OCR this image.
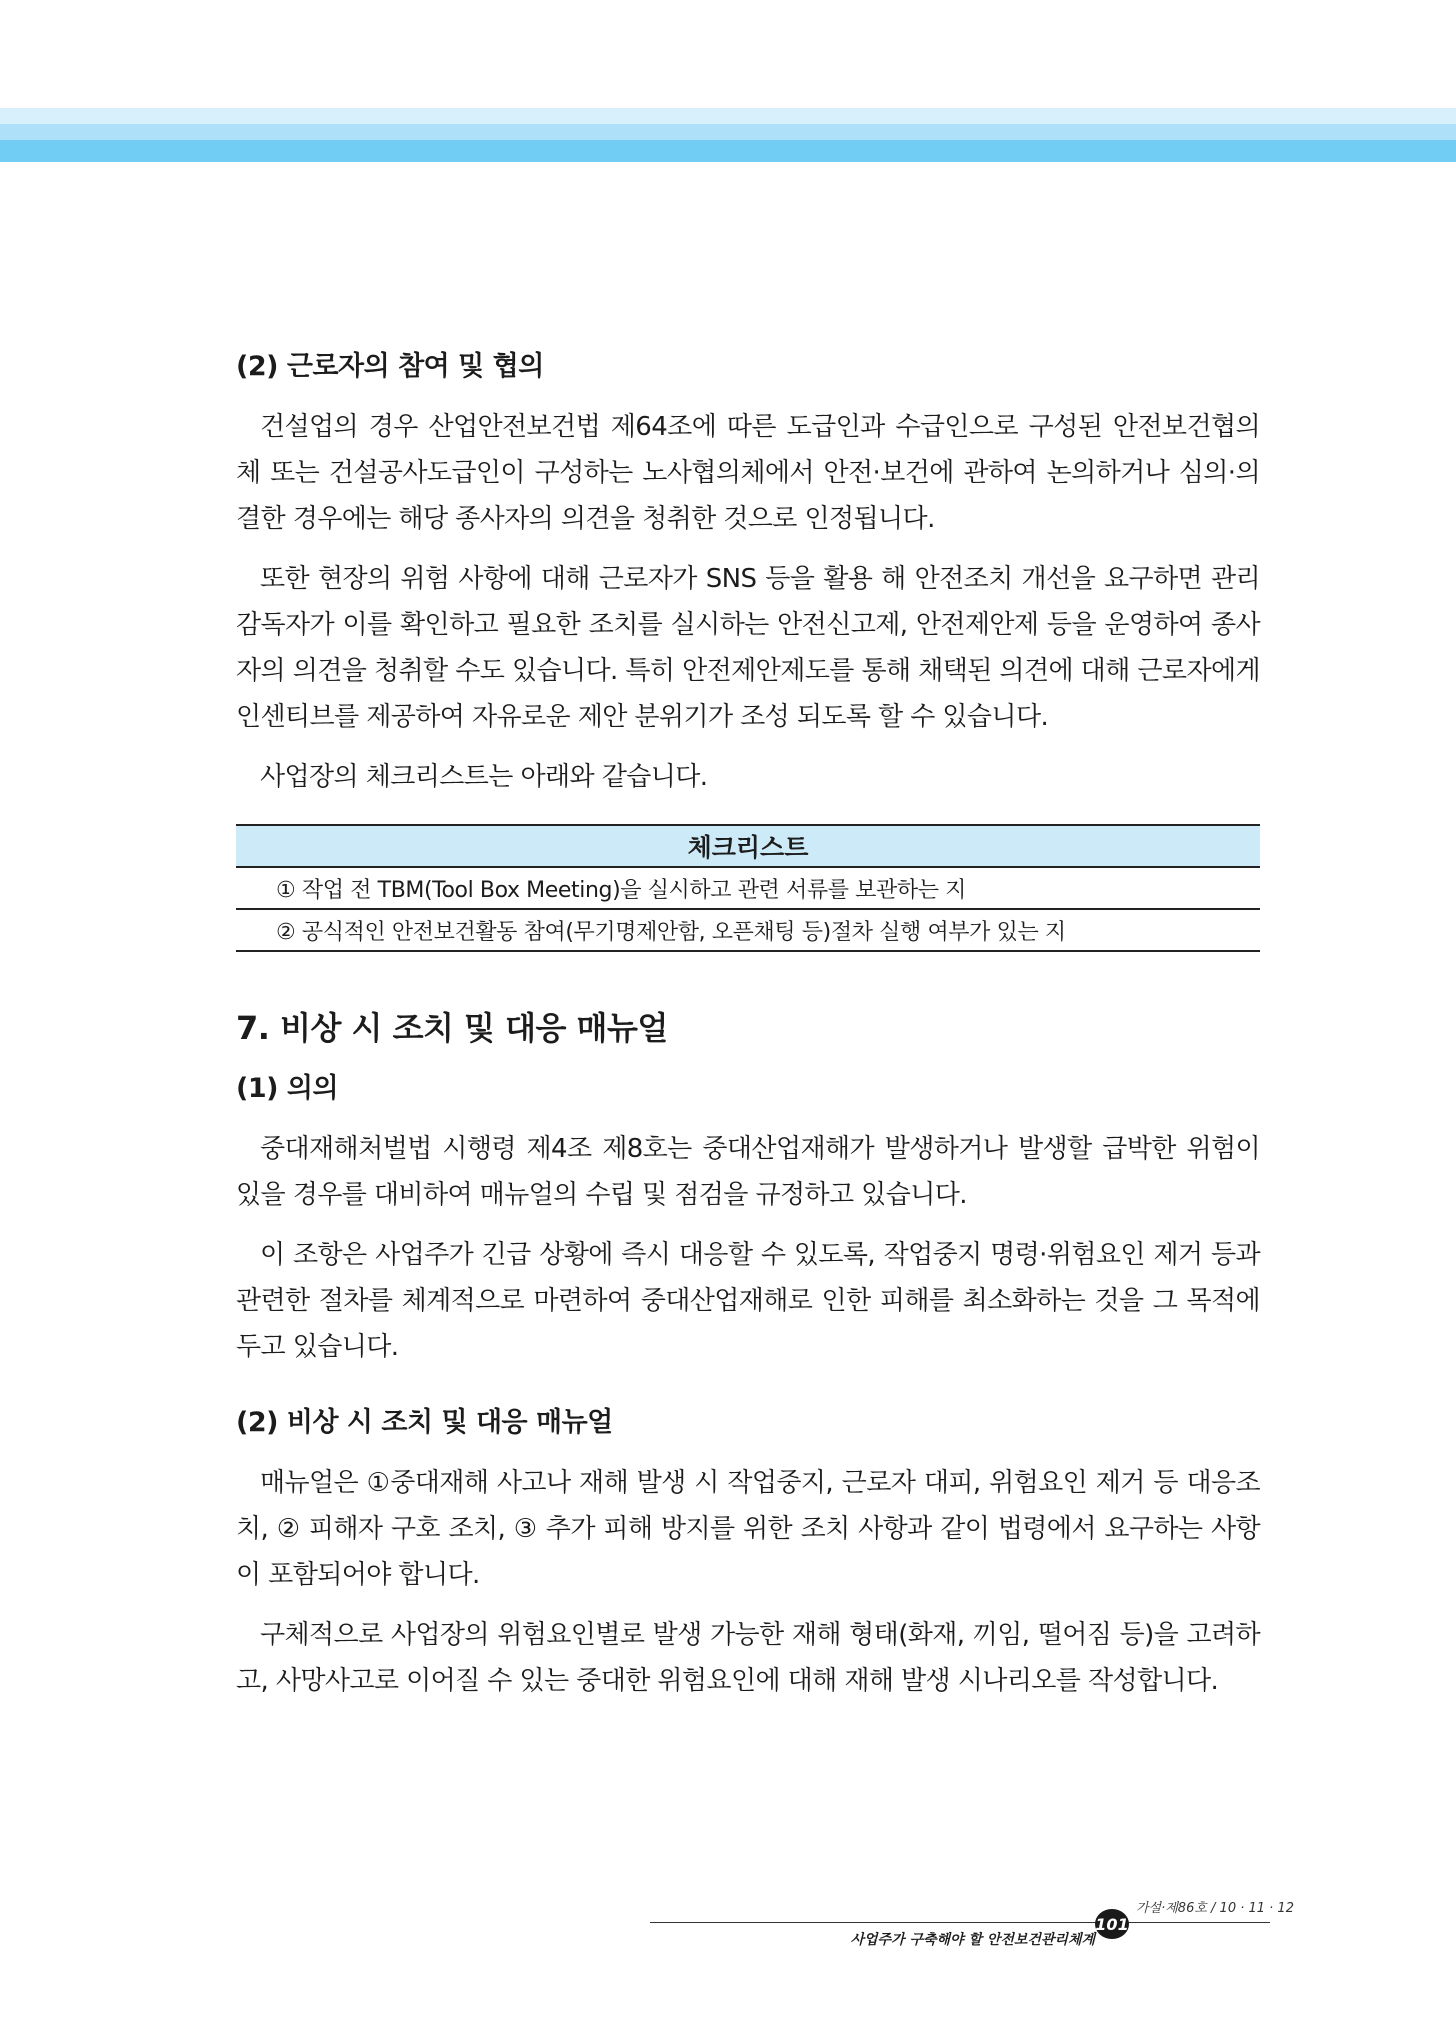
(2) 근로자의 참여 및 협의

건설업의 경우 산업안전보건법 제64조에 따른 도급인과 수급인으로 구성된 안전보건협의체 또는 건설공사도급인이 구성하는 노사협의체에서 안전·보건에 관하여 논의하거나 심의·의결한 경우에는 해당 종사자의 의견을 청취한 것으로 인정됩니다.

또한 현장의 위험 사항에 대해 근로자가 SNS 등을 활용 해 안전조치 개선을 요구하면 관리감독자가 이를 확인하고 필요한 조치를 실시하는 안전신고제, 안전제안제 등을 운영하여 종사자의 의견을 청취할 수도 있습니다. 특히 안전제안제도를 통해 채택된 의견에 대해 근로자에게 인센티브를 제공하여 자유로운 제안 분위기가 조성 되도록 할 수 있습니다.

사업장의 체크리스트는 아래와 같습니다.

체크리스트
① 작업 전 TBM(Tool Box Meeting)을 실시하고 관련 서류를 보관하는 지
② 공식적인 안전보건활동 참여(무기명제안함, 오픈채팅 등)절차 실행 여부가 있는 지
7. 비상 시 조치 및 대응 매뉴얼
(1) 의의

중대재해처벌법 시행령 제4조 제8호는 중대산업재해가 발생하거나 발생할 급박한 위험이 있을 경우를 대비하여 매뉴얼의 수립 및 점검을 규정하고 있습니다.

이 조항은 사업주가 긴급 상황에 즉시 대응할 수 있도록, 작업중지 명령·위험요인 제거 등과 관련한 절차를 체계적으로 마련하여 중대산업재해로 인한 피해를 최소화하는 것을 그 목적에 두고 있습니다.

(2) 비상 시 조치 및 대응 매뉴얼

매뉴얼은 ①중대재해 사고나 재해 발생 시 작업중지, 근로자 대피, 위험요인 제거 등 대응조치, ② 피해자 구호 조치, ③ 추가 피해 방지를 위한 조치 사항과 같이 법령에서 요구하는 사항이 포함되어야 합니다.

구체적으로 사업장의 위험요인별로 발생 가능한 재해 형태(화재, 끼임, 떨어짐 등)을 고려하고, 사망사고로 이어질 수 있는 중대한 위험요인에 대해 재해 발생 시나리오를 작성합니다.

101
가설·제86호 / 10 · 11 · 12
사업주가 구축해야 할 안전보건관리체계
